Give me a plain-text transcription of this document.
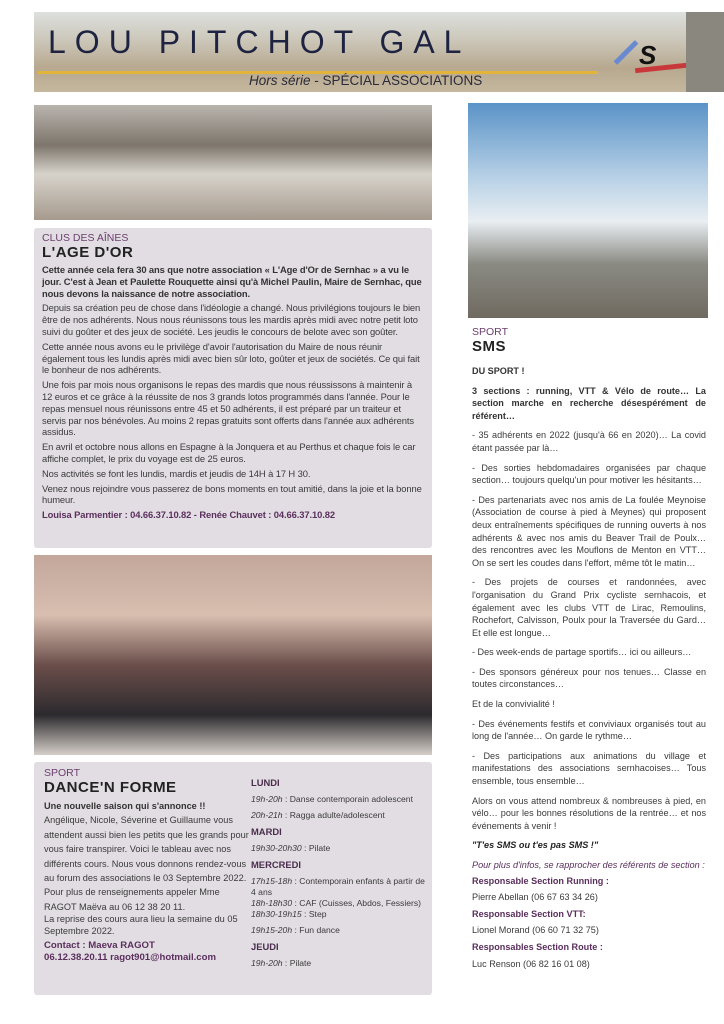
LOU PITCHOT GAL
Hors série - SPÉCIAL ASSOCIATIONS
S
CLUS DES AÎNES
L'AGE D'OR

Cette année cela fera 30 ans que notre association « L'Age d'Or de Sernhac » a vu le jour. C'est à Jean et Paulette Rouquette ainsi qu'à Michel Paulin, Maire de Sernhac, que nous devons la naissance de notre association.

Depuis sa création peu de chose dans l'idéologie a changé. Nous privilégions toujours le bien être de nos adhérents. Nous nous réunissons tous les mardis après midi avec notre petit loto suivi du goûter et des jeux de société. Les jeudis le concours de belote avec son goûter.

Cette année nous avons eu le privilège d'avoir l'autorisation du Maire de nous réunir également tous les lundis après midi avec bien sûr loto, goûter et jeux de sociétés. Ce qui fait le bonheur de nos adhérents.

Une fois par mois nous organisons le repas des mardis que nous réussissons à maintenir à 12 euros et ce grâce à la réussite de nos 3 grands lotos programmés dans l'année. Pour le repas mensuel nous réunissons entre 45 et 50 adhérents, il est préparé par un traiteur et servis par nos bénévoles. Au moins 2 repas gratuits sont offerts dans l'année aux adhérents assidus.

En avril et octobre nous allons en Espagne à la Jonquera et au Perthus et chaque fois le car affiche complet, le prix du voyage est de 25 euros.

Nos activités se font les lundis, mardis et jeudis de 14H à 17 H 30.

Venez nous rejoindre vous passerez de bons moments en tout amitié, dans la joie et la bonne humeur.

Louisa Parmentier : 04.66.37.10.82 - Renée Chauvet : 04.66.37.10.82

SPORT
DANCE'N FORME

Une nouvelle saison qui s'annonce !!

Angélique, Nicole, Séverine et Guillaume vous attendent aussi bien les petits que les grands pour vous faire transpirer. Voici le tableau avec nos différents cours. Nous vous donnons rendez-vous au forum des associations le 03 Septembre 2022.

Pour plus de renseignements appeler Mme RAGOT Maëva au 06 12 38 20 11.

La reprise des cours aura lieu la semaine du 05 Septembre 2022.

Contact : Maeva RAGOT

06.12.38.20.11 ragot901@hotmail.com

LUNDI
19h-20h : Danse contemporain adolescent
20h-21h : Ragga adulte/adolescent
MARDI
19h30-20h30 : Pilate
MERCREDI
17h15-18h : Contemporain enfants à partir de 4 ans
18h-18h30 : CAF (Cuisses, Abdos, Fessiers)
18h30-19h15 : Step
19h15-20h : Fun dance
JEUDI
19h-20h : Pilate
SPORT
SMS

DU SPORT !

3 sections : running, VTT & Vélo de route… La section marche en recherche désespérément de référent…

- 35 adhérents en 2022 (jusqu'à 66 en 2020)… La covid étant passée par là…

- Des sorties hebdomadaires organisées par chaque section… toujours quelqu'un pour motiver les hésitants…

- Des partenariats avec nos amis de La foulée Meynoise (Association de course à pied à Meynes) qui proposent deux entraînements spécifiques de running ouverts à nos adhérents & avec nos amis du Beaver Trail de Poulx… des rencontres avec les Mouflons de Menton en VTT… On se sert les coudes dans l'effort, même tôt le matin…

- Des projets de courses et randonnées, avec l'organisation du Grand Prix cycliste sernhacois, et également avec les clubs VTT de Lirac, Remoulins, Rochefort, Calvisson, Poulx pour la Traversée du Gard… Et elle est longue…

- Des week-ends de partage sportifs… ici ou ailleurs…

- Des sponsors généreux pour nos tenues… Classe en toutes circonstances…

Et de la convivialité !

- Des événements festifs et conviviaux organisés tout au long de l'année… On garde le rythme…

- Des participations aux animations du village et manifestations des associations sernhacoises… Tous ensemble, tous ensemble…

Alors on vous attend nombreux & nombreuses à pied, en vélo… pour les bonnes résolutions de la rentrée… et nos événements à venir !

"T'es SMS ou t'es pas SMS !"

Pour plus d'infos, se rapprocher des référents de section :

Responsable Section Running :

Pierre Abellan (06 67 63 34 26)

Responsable Section VTT:

Lionel Morand (06 60 71 32 75)

Responsables Section Route :

Luc Renson (06 82 16 01 08)
